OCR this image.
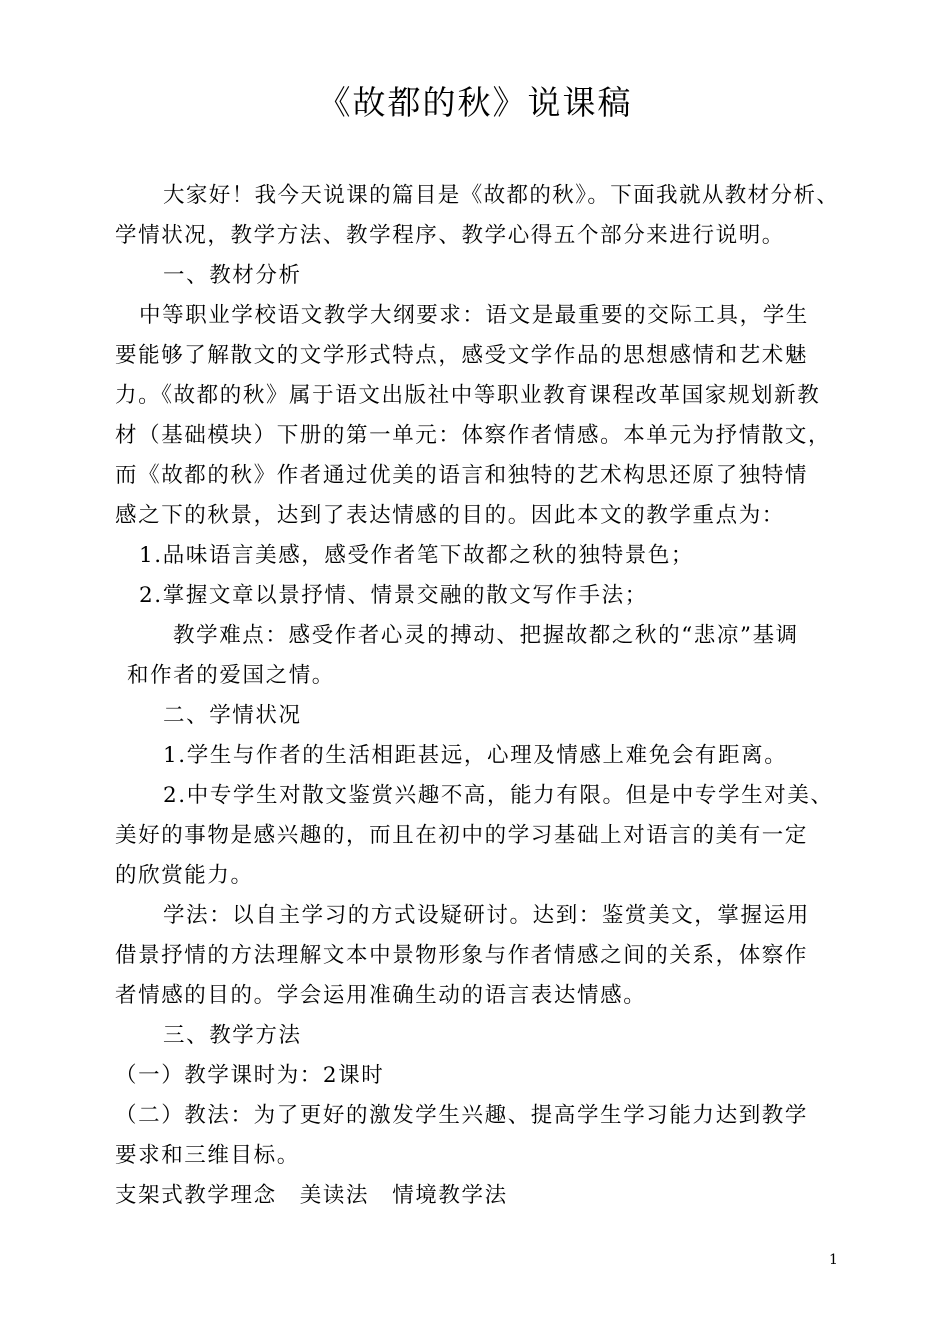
《故都的秋》说课稿
大家好！我今天说课的篇目是《故都的秋》。下面我就从教材分析、
学情状况，教学方法、教学程序、教学心得五个部分来进行说明。
一、教材分析
中等职业学校语文教学大纲要求：语文是最重要的交际工具，学生
要能够了解散文的文学形式特点，感受文学作品的思想感情和艺术魅
力。《故都的秋》属于语文出版社中等职业教育课程改革国家规划新教
材（基础模块）下册的第一单元：体察作者情感。本单元为抒情散文，
而《故都的秋》作者通过优美的语言和独特的艺术构思还原了独特情
感之下的秋景，达到了表达情感的目的。因此本文的教学重点为：
1.品味语言美感，感受作者笔下故都之秋的独特景色；
2.掌握文章以景抒情、情景交融的散文写作手法；
教学难点：感受作者心灵的搏动、把握故都之秋的“悲凉”基调
和作者的爱国之情。
二、学情状况
1.学生与作者的生活相距甚远，心理及情感上难免会有距离。
2.中专学生对散文鉴赏兴趣不高，能力有限。但是中专学生对美、
美好的事物是感兴趣的，而且在初中的学习基础上对语言的美有一定
的欣赏能力。
学法：以自主学习的方式设疑研讨。达到：鉴赏美文，掌握运用
借景抒情的方法理解文本中景物形象与作者情感之间的关系，体察作
者情感的目的。学会运用准确生动的语言表达情感。
三、教学方法
（一）教学课时为：2课时
（二）教法：为了更好的激发学生兴趣、提高学生学习能力达到教学
要求和三维目标。
支架式教学理念　美读法　情境教学法
1
